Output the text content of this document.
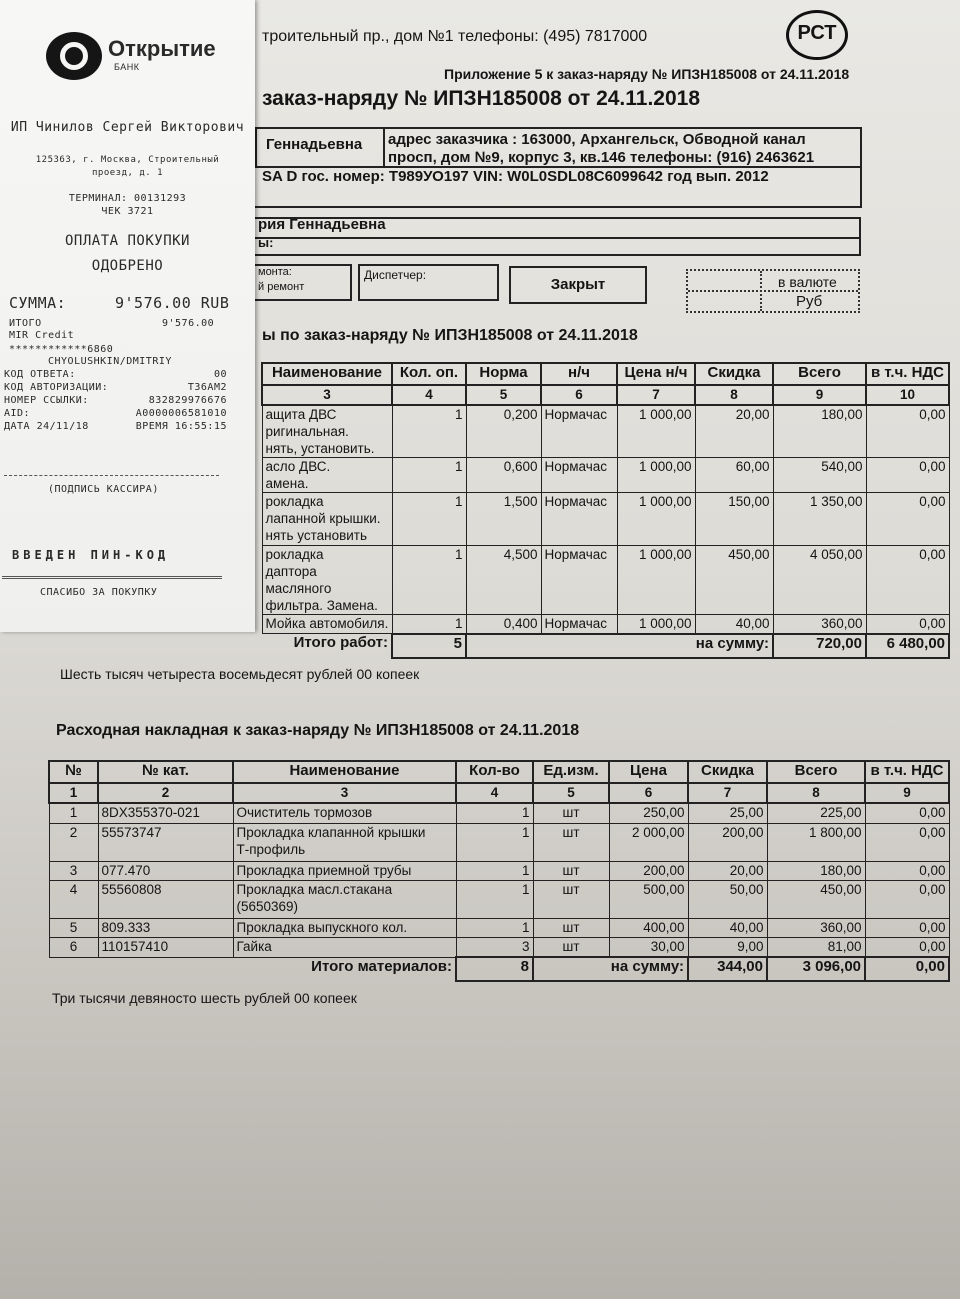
троительный пр., дом №1 телефоны: (495) 7817000	РСТ
Приложение 5 к заказ-наряду № ИПЗН185008 от 24.11.2018
заказ-наряду № ИПЗН185008 от 24.11.2018
Геннадьевна адрес заказчика : 163000, Архангельск, Обводной канал
просп, дом №9, корпус 3, кв.146 телефоны: (916) 2463621
SA D гос. номер: Т989УО197 VIN: W0L0SDL08C6099642 год вып. 2012
рия Геннадьевна
ы:
монта:
й ремонт
Диспетчер:
Закрыт	в валюте
Руб
ы по заказ-наряду № ИПЗН185008 от 24.11.2018
Наименование	Кол. оп.	Норма	н/ч	Цена н/ч	Скидка	Всего	в т.ч. НДС	
3	4	5	6	7	8	9	10	
ащита ДВС
ригинальная.
нять, установить.	1	0,200	Нормачас	1 000,00	20,00	180,00	0,00	
асло ДВС.
амена.	1	0,600	Нормачас	1 000,00	60,00	540,00	0,00	
рокладка
лапанной крышки.
нять установить	1	1,500	Нормачас	1 000,00	150,00	1 350,00	0,00	
рокладка
даптора
масляного
фильтра. Замена.	1	4,500	Нормачас	1 000,00	450,00	4 050,00	0,00	
Мойка автомобиля.	1	0,400	Нормачас	1 000,00	40,00	360,00	0,00	
Итого работ:	5	на сумму:				720,00	6 480,00	
Шесть тысяч четыреста восемьдесят рублей 00 копеек
Расходная накладная к заказ-наряду № ИПЗН185008 от 24.11.2018
№	№ кат.	Наименование	Кол-во	Ед.изм.	Цена	Скидка	Всего	в т.ч. НДС
1	2	3	4	5	6	7	8	9
1	8DX355370-021	Очиститель тормозов	1	шт	250,00	25,00	225,00	0,00
2	55573747	Прокладка клапанной крышки
Т-профиль	1	шт	2 000,00	200,00	1 800,00	0,00
3	077.470	Прокладка приемной трубы	1	шт	200,00	20,00	180,00	0,00
4	55560808	Прокладка масл.стакана
(5650369)	1	шт	500,00	50,00	450,00	0,00
5	809.333	Прокладка выпускного кол.	1	шт	400,00	40,00	360,00	0,00
6	110157410	Гайка	3	шт	30,00	9,00	81,00	0,00
Итого материалов:			8	на сумму:		344,00	3 096,00	0,00
Три тысячи девяносто шесть рублей 00 копеек
Открытие
БАНК
ИП Чинилов Сергей Викторович
125363, г. Москва, Строительный
проезд, д. 1
ТЕРМИНАЛ: 00131293
ЧЕК 3721
ОПЛАТА ПОКУПКИ
ОДОБРЕНО
СУММА:	9'576.00 RUB
ИТОГО	9'576.00
MIR Credit
************6860
CHYOLUSHKIN/DMITRIY
КОД ОТВЕТА:	00
КОД АВТОРИЗАЦИИ:	T36AM2
НОМЕР ССЫЛКИ:	832829976676
AID:	A0000006581010
ДАТА 24/11/18	ВРЕМЯ 16:55:15
(ПОДПИСЬ КАССИРА)
ВВЕДЕН ПИН-КОД
СПАСИБО ЗА ПОКУПКУ
